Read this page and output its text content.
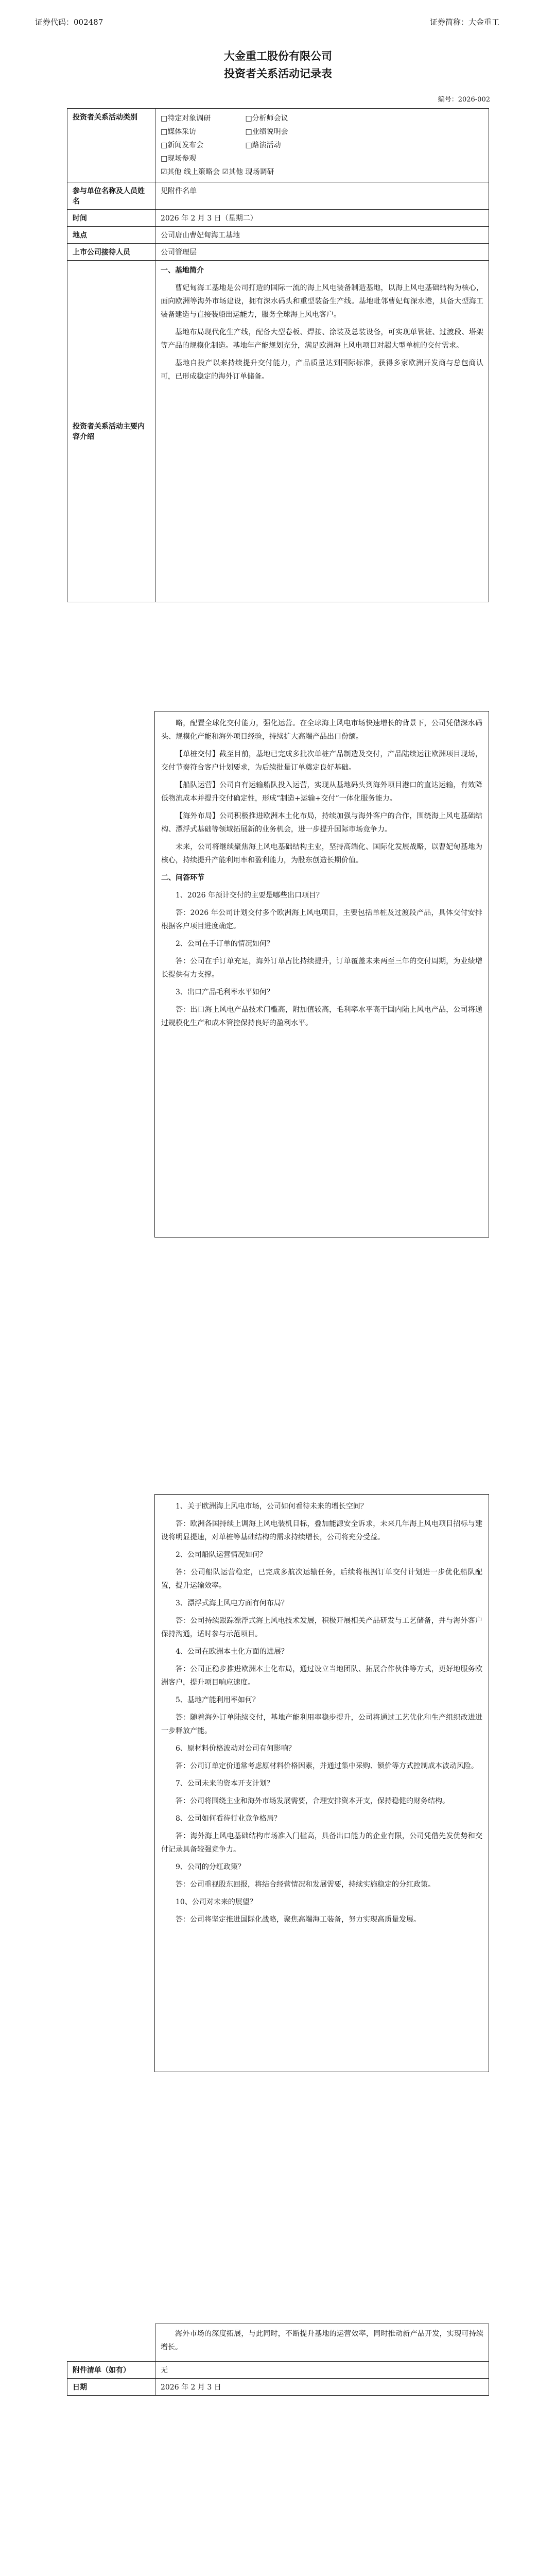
证券代码：002487	证券简称：大金重工
大金重工股份有限公司
投资者关系活动记录表
编号：2026-002
投资者关系活动类别	□特定对象调研 □分析师会议
□媒体采访 □业绩说明会
□新闻发布会 □路演活动
□现场参观
☑其他 线上策略会 ☑其他 现场调研
参与单位名称及人员姓名	见附件名单
时间	2026 年 2 月 3 日（星期二）
地点	公司唐山曹妃甸海工基地
上市公司接待人员	公司管理层
投资者关系活动主要内容介绍	一、基地简介

曹妃甸海工基地是公司打造的国际一流的海上风电装备制造基地，以海上风电基础结构为核心，面向欧洲等海外市场建设，拥有深水码头和重型装备生产线。基地毗邻曹妃甸深水港，具备大型海工装备建造与直接装船出运能力，服务全球海上风电客户。

基地布局现代化生产线，配备大型卷板、焊接、涂装及总装设备，可实现单管桩、过渡段、塔架等产品的规模化制造。基地年产能规划充分，满足欧洲海上风电项目对超大型单桩的交付需求。

基地自投产以来持续提升交付能力，产品质量达到国际标准，获得多家欧洲开发商与总包商认可，已形成稳定的海外订单储备。

略，配置全球化交付能力，强化运营。在全球海上风电市场快速增长的背景下，公司凭借深水码头、规模化产能和海外项目经验，持续扩大高端产品出口份额。

【单桩交付】截至目前，基地已完成多批次单桩产品制造及交付，产品陆续运往欧洲项目现场，交付节奏符合客户计划要求，为后续批量订单奠定良好基础。

【船队运营】公司自有运输船队投入运营，实现从基地码头到海外项目港口的直达运输，有效降低物流成本并提升交付确定性，形成“制造+运输+交付”一体化服务能力。

【海外布局】公司积极推进欧洲本土化布局，持续加强与海外客户的合作，围绕海上风电基础结构、漂浮式基础等领域拓展新的业务机会，进一步提升国际市场竞争力。

未来，公司将继续聚焦海上风电基础结构主业，坚持高端化、国际化发展战略，以曹妃甸基地为核心，持续提升产能利用率和盈利能力，为股东创造长期价值。

二、问答环节

1、2026 年预计交付的主要是哪些出口项目？

答：2026 年公司计划交付多个欧洲海上风电项目，主要包括单桩及过渡段产品，具体交付安排根据客户项目进度确定。

2、公司在手订单的情况如何？

答：公司在手订单充足，海外订单占比持续提升，订单覆盖未来两至三年的交付周期，为业绩增长提供有力支撑。

3、出口产品毛利率水平如何？

答：出口海上风电产品技术门槛高，附加值较高，毛利率水平高于国内陆上风电产品，公司将通过规模化生产和成本管控保持良好的盈利水平。

1、关于欧洲海上风电市场，公司如何看待未来的增长空间？

答：欧洲各国持续上调海上风电装机目标，叠加能源安全诉求，未来几年海上风电项目招标与建设将明显提速，对单桩等基础结构的需求持续增长，公司将充分受益。

2、公司船队运营情况如何？

答：公司船队运营稳定，已完成多航次运输任务，后续将根据订单交付计划进一步优化船队配置，提升运输效率。

3、漂浮式海上风电方面有何布局？

答：公司持续跟踪漂浮式海上风电技术发展，积极开展相关产品研发与工艺储备，并与海外客户保持沟通，适时参与示范项目。

4、公司在欧洲本土化方面的进展？

答：公司正稳步推进欧洲本土化布局，通过设立当地团队、拓展合作伙伴等方式，更好地服务欧洲客户，提升项目响应速度。

5、基地产能利用率如何？

答：随着海外订单陆续交付，基地产能利用率稳步提升，公司将通过工艺优化和生产组织改进进一步释放产能。

6、原材料价格波动对公司有何影响？

答：公司订单定价通常考虑原材料价格因素，并通过集中采购、锁价等方式控制成本波动风险。

7、公司未来的资本开支计划？

答：公司将围绕主业和海外市场发展需要，合理安排资本开支，保持稳健的财务结构。

8、公司如何看待行业竞争格局？

答：海外海上风电基础结构市场准入门槛高，具备出口能力的企业有限，公司凭借先发优势和交付记录具备较强竞争力。

9、公司的分红政策？

答：公司重视股东回报，将结合经营情况和发展需要，持续实施稳定的分红政策。

10、公司对未来的展望？

答：公司将坚定推进国际化战略，聚焦高端海工装备，努力实现高质量发展。

	海外市场的深度拓展，与此同时，不断提升基地的运营效率，同时推动新产品开发，实现可持续增长。

附件清单（如有）	无
日期	2026 年 2 月 3 日
